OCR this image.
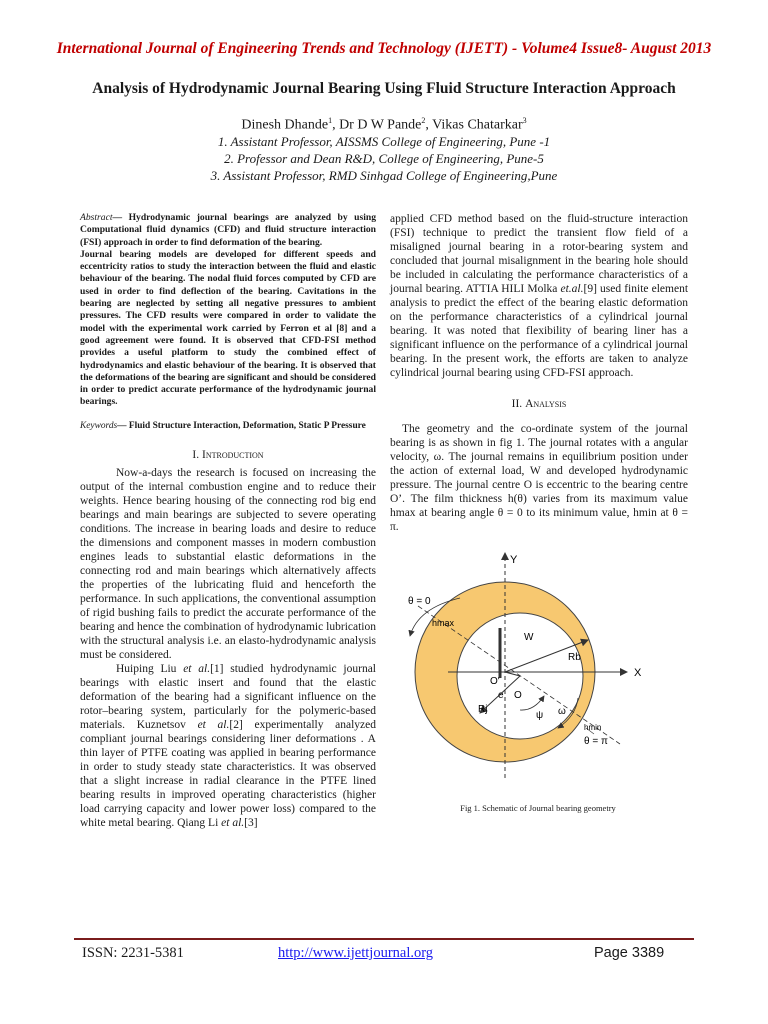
International Journal of Engineering Trends and Technology (IJETT) - Volume4 Issue8- August 2013
Analysis of Hydrodynamic Journal Bearing Using Fluid Structure Interaction Approach
Dinesh Dhande$^1$, Dr D W Pande$^2$, Vikas Chatarkar$^3$
1. Assistant Professor, AISSMS College of Engineering, Pune -1
2. Professor and Dean R&D, College of Engineering, Pune-5
3. Assistant Professor, RMD Sinhgad College of Engineering,Pune

Abstract— Hydrodynamic journal bearings are analyzed by using Computational fluid dynamics (CFD) and fluid structure interaction (FSI) approach in order to find deformation of the bearing.

Journal bearing models are developed for different speeds and eccentricity ratios to study the interaction between the fluid and elastic behaviour of the bearing. The nodal fluid forces computed by CFD are used in order to find deflection of the bearing. Cavitations in the bearing are neglected by setting all negative pressures to ambient pressures. The CFD results were compared in order to validate the model with the experimental work carried by Ferron et al [8] and a good agreement were found. It is observed that CFD-FSI method provides a useful platform to study the combined effect of hydrodynamics and elastic behaviour of the bearing. It is observed that the deformations of the bearing are significant and should be considered in order to predict accurate performance of the hydrodynamic journal bearings.

Keywords— Fluid Structure Interaction, Deformation, Static P Pressure

I. Introduction

Now-a-days the research is focused on increasing the output of the internal combustion engine and to reduce their weights. Hence bearing housing of the connecting rod big end bearings and main bearings are subjected to severe operating conditions. The increase in bearing loads and desire to reduce the dimensions and component masses in modern combustion engines leads to substantial elastic deformations in the connecting rod and main bearings which alternatively affects the properties of the lubricating fluid and henceforth the performance. In such applications, the conventional assumption of rigid bushing fails to predict the accurate performance of the bearing and hence the combination of hydrodynamic lubrication with the structural analysis i.e. an elasto-hydrodynamic analysis must be considered.

Huiping Liu et al.[1] studied hydrodynamic journal bearings with elastic insert and found that the elastic deformation of the bearing had a significant influence on the rotor–bearing system, particularly for the polymeric-based materials. Kuznetsov et al.[2] experimentally analyzed compliant journal bearings considering liner deformations . A thin layer of PTFE coating was applied in bearing performance in order to study steady state characteristics. It was observed that a slight increase in radial clearance in the PTFE lined bearing results in improved operating characteristics (higher load carrying capacity and lower power loss) compared to the white metal bearing. Qiang Li et al.[3]

applied CFD method based on the fluid-structure interaction (FSI) technique to predict the transient flow field of a misaligned journal bearing in a rotor-bearing system and concluded that journal misalignment in the bearing hole should be included in calculating the performance characteristics of a journal bearing. ATTIA HILI Molka et.al.[9] used finite element analysis to predict the effect of the bearing elastic deformation on the performance characteristics of a cylindrical journal bearing. It was noted that flexibility of bearing liner has a significant influence on the performance of a cylindrical journal bearing. In the present work, the efforts are taken to analyze cylindrical journal bearing using CFD-FSI approach.

II. Analysis

The geometry and the co-ordinate system of the journal bearing is as shown in fig 1. The journal rotates with a angular velocity, ω. The journal remains in equilibrium position under the action of external load, W and developed hydrodynamic pressure. The journal centre O is eccentric to the bearing centre O’. The film thickness h(θ) varies from its maximum value hmax at bearing angle θ = 0 to its minimum value, hmin at θ = π.

Y
X
θ = 0
hmax
W
Rb
O'
O
e
Rj
ψ ω
hmin
θ = π
Fig 1. Schematic of Journal bearing geometry
ISSN: 2231-5381	http://www.ijettjournal.org	Page 3389
